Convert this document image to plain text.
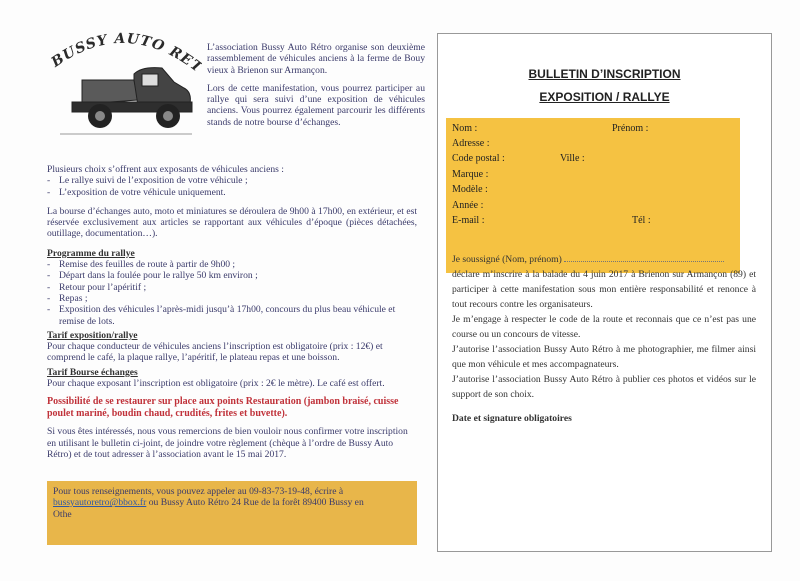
BUSSY AUTO RE
L’association Bussy Auto Rétro organise son deuxième rassemblement de véhicules anciens à la ferme de Bouy vieux à Brienon sur Armançon.
Lors de cette manifestation, vous pourrez participer au rallye qui sera suivi d’une exposition de véhicules anciens. Vous pourrez également parcourir les différents stands de notre bourse d’échanges.
Plusieurs choix s’offrent aux exposants de véhicules anciens :
- Le rallye suivi de l’exposition de votre véhicule ;
- L’exposition de votre véhicule uniquement.
La bourse d’échanges auto, moto et miniatures se déroulera de 9h00 à 17h00, en extérieur, et est réservée exclusivement aux articles se rapportant aux véhicules d’époque (pièces détachées, outillage, documentation…).
Programme du rallye
- Remise des feuilles de route à partir de 9h00 ;
- Départ dans la foulée pour le rallye 50 km environ ;
- Retour pour l’apéritif ;
- Repas ;
- Exposition des véhicules l’après-midi jusqu’à 17h00, concours du plus beau véhicule et remise de lots.
Tarif exposition/rallye
Pour chaque conducteur de véhicules anciens l’inscription est obligatoire (prix : 12€) et comprend le café, la plaque rallye, l’apéritif, le plateau repas et une boisson.
Tarif Bourse échanges
Pour chaque exposant l’inscription est obligatoire (prix : 2€ le mètre). Le café est offert.
Possibilité de se restaurer sur place aux points Restauration (jambon braisé, cuisse poulet mariné, boudin chaud, crudités, frites et buvette).
Si vous êtes intéressés, nous vous remercions de bien vouloir nous confirmer votre inscription en utilisant le bulletin ci-joint, de joindre votre règlement (chèque à l’ordre de Bussy Auto Rétro) et de tout adresser à l’association avant le 15 mai 2017.
Pour tous renseignements, vous pouvez appeler au 09-83-73-19-48, écrire à
bussyautoretro@bbox.fr ou Bussy Auto Rétro 24 Rue de la forêt 89400 Bussy en
Othe
BULLETIN D’INSCRIPTION
EXPOSITION / RALLYE
Nom :	Prénom :
Adresse :
Code postal :	Ville :
Marque :
Modèle :
Année :
E-mail :	Tél :
Je soussigné (Nom, prénom)
déclare m’inscrire à la balade du 4 juin 2017 à Brienon sur Armançon (89) et participer à cette manifestation sous mon entière responsabilité et renonce à tout recours contre les organisateurs.
Je m’engage à respecter le code de la route et reconnais que ce n’est pas une course ou un concours de vitesse.
J’autorise l’association Bussy Auto Rétro à me photographier, me filmer ainsi que mon véhicule et mes accompagnateurs.
J’autorise l’association Bussy Auto Rétro à publier ces photos et vidéos sur le support de son choix.
Date et signature obligatoires
